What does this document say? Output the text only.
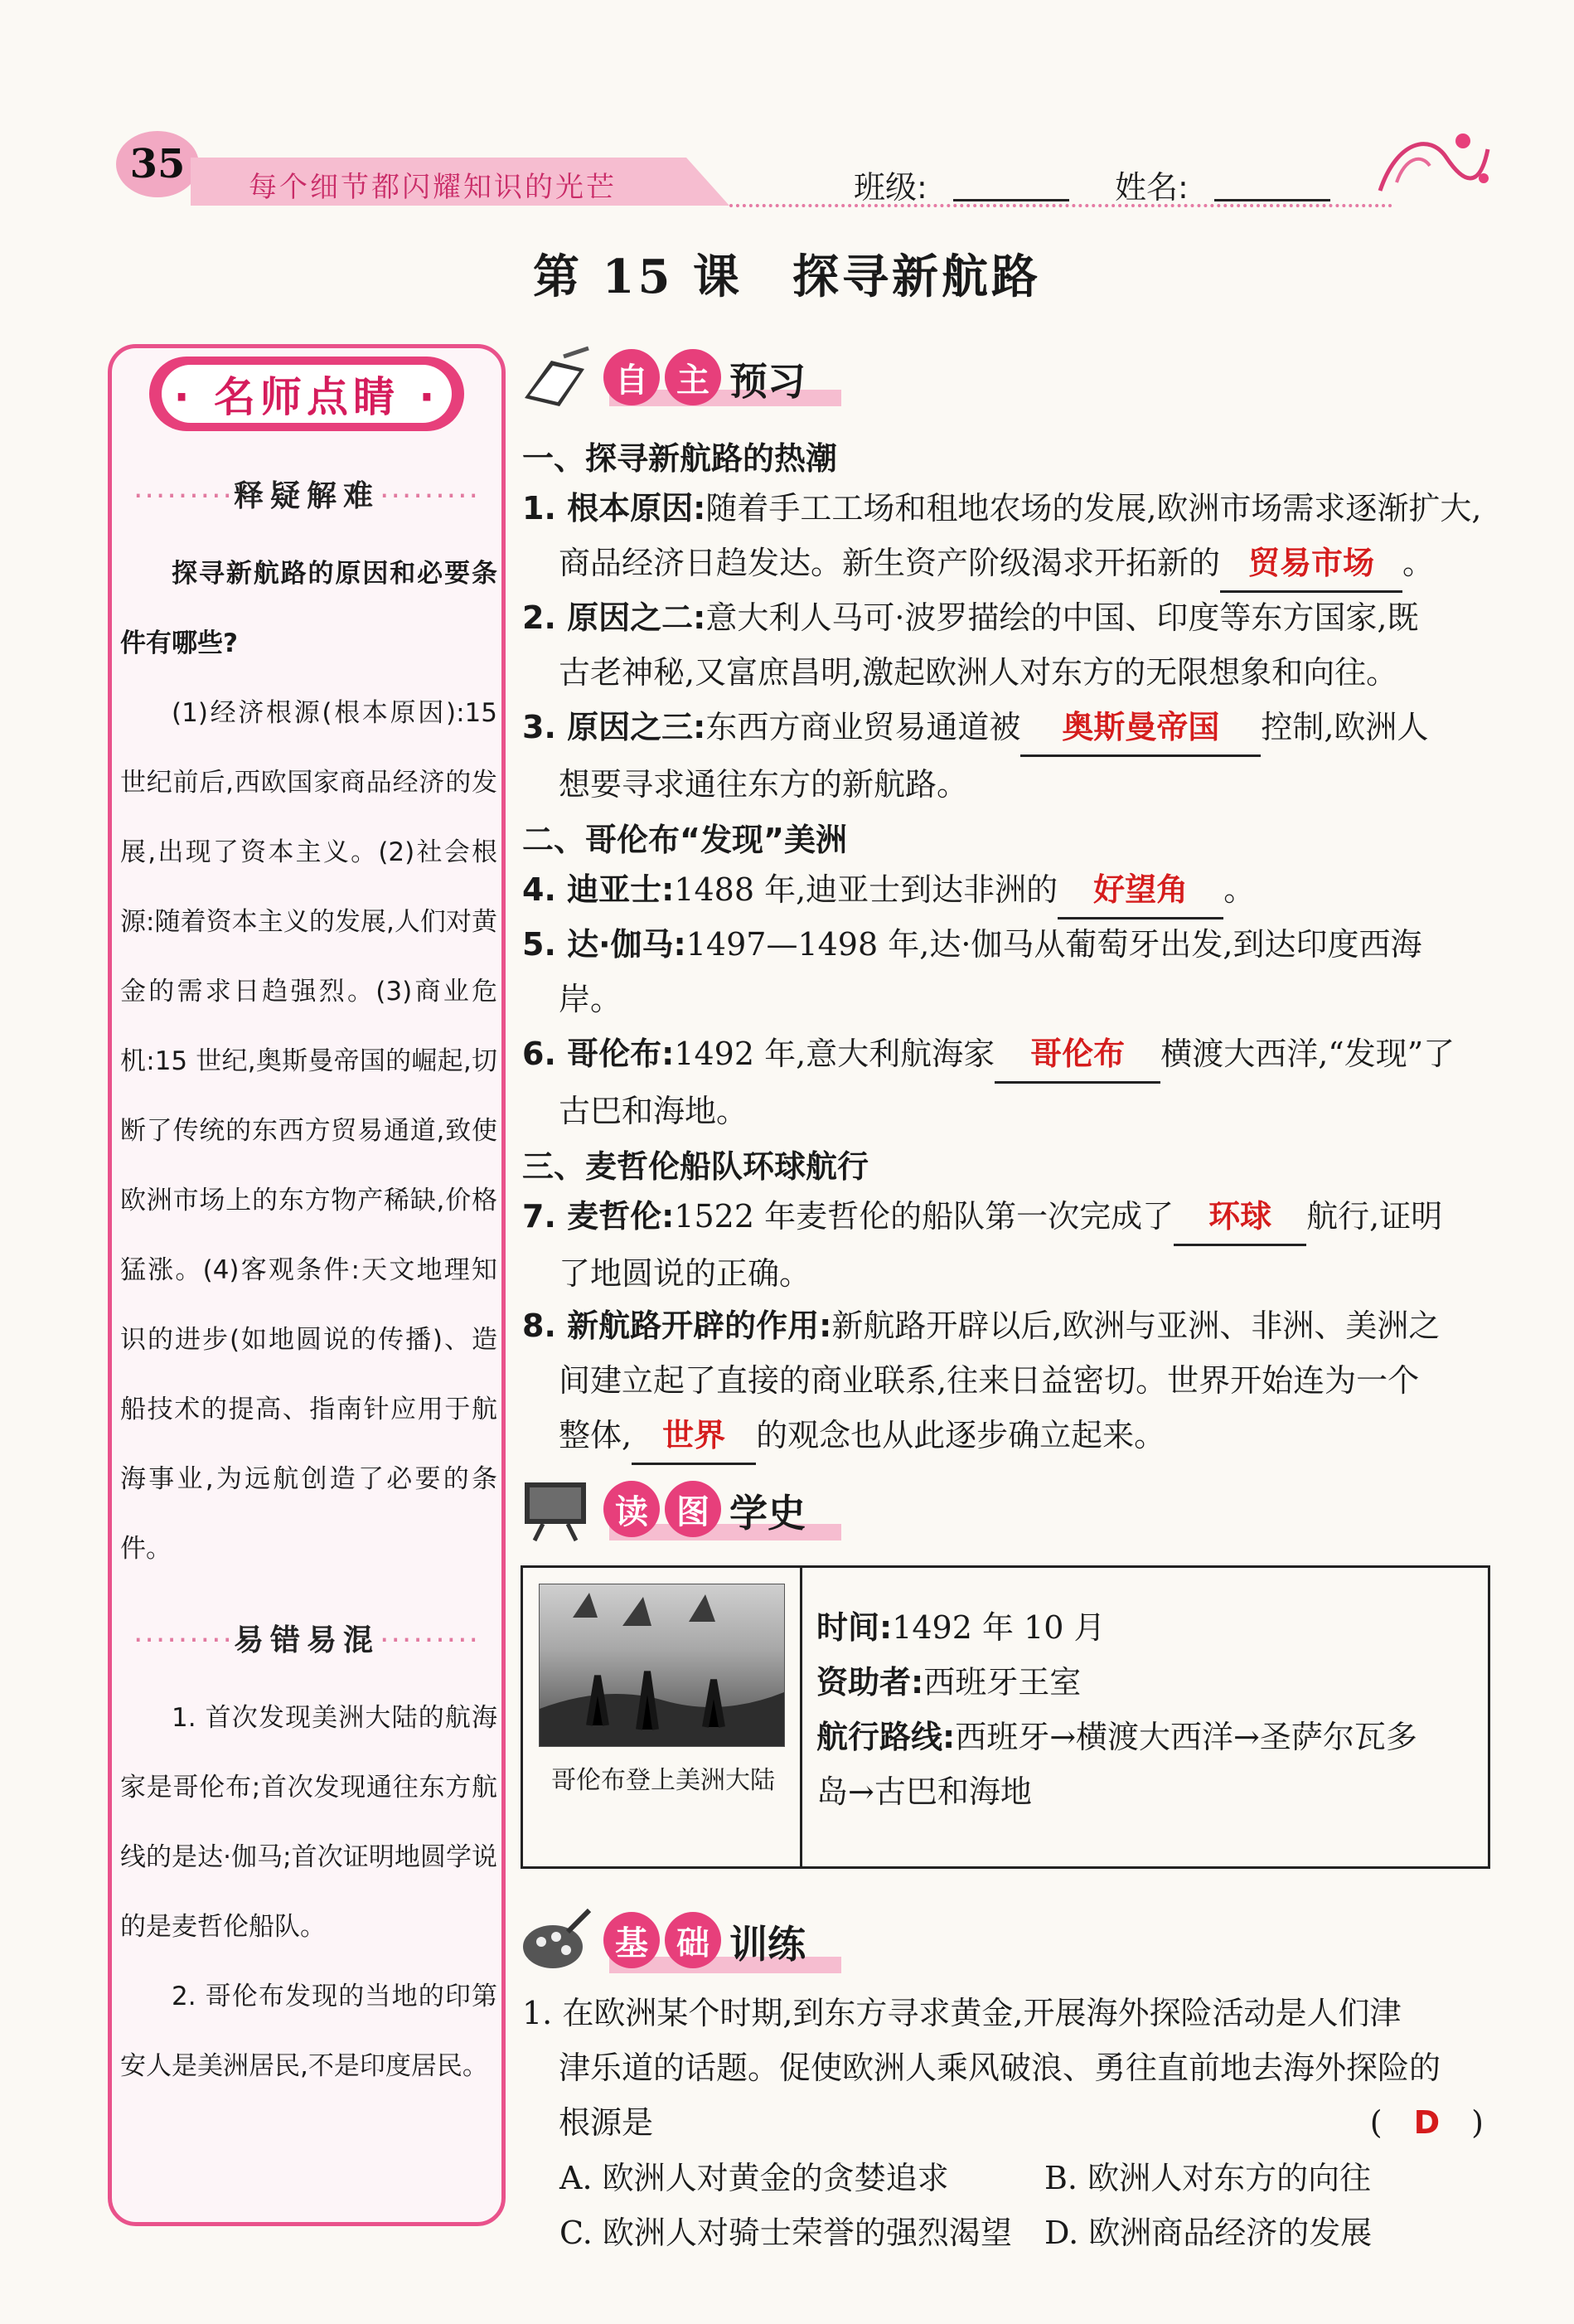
35	每个细节都闪耀知识的光芒	班级:	姓名:
第 15 课　探寻新航路
· 名师点睛 ·
·········释疑解难·········

探寻新航路的原因和必要条件有哪些?

(1)经济根源(根本原因):15 世纪前后,西欧国家商品经济的发展,出现了资本主义。(2)社会根源:随着资本主义的发展,人们对黄金的需求日趋强烈。(3)商业危机:15 世纪,奥斯曼帝国的崛起,切断了传统的东西方贸易通道,致使欧洲市场上的东方物产稀缺,价格猛涨。(4)客观条件:天文地理知识的进步(如地圆说的传播)、造船技术的提高、指南针应用于航海事业,为远航创造了必要的条件。

·········易错易混·········

1. 首次发现美洲大陆的航海家是哥伦布;首次发现通往东方航线的是达·伽马;首次证明地圆学说的是麦哲伦船队。

2. 哥伦布发现的当地的印第安人是美洲居民,不是印度居民。

自 主 预习
一、探寻新航路的热潮
1. 根本原因:随着手工工场和租地农场的发展,欧洲市场需求逐渐扩大,
商品经济日趋发达。新生资产阶级渴求开拓新的 贸易市场 。
2. 原因之二:意大利人马可·波罗描绘的中国、印度等东方国家,既
古老神秘,又富庶昌明,激起欧洲人对东方的无限想象和向往。
3. 原因之三:东西方商业贸易通道被 奥斯曼帝国 控制,欧洲人
想要寻求通往东方的新航路。
二、哥伦布“发现”美洲
4. 迪亚士:1488 年,迪亚士到达非洲的 好望角 。
5. 达·伽马:1497—1498 年,达·伽马从葡萄牙出发,到达印度西海
岸。
6. 哥伦布:1492 年,意大利航海家 哥伦布 横渡大西洋,“发现”了
古巴和海地。
三、麦哲伦船队环球航行
7. 麦哲伦:1522 年麦哲伦的船队第一次完成了 环球 航行,证明
了地圆说的正确。
8. 新航路开辟的作用:新航路开辟以后,欧洲与亚洲、非洲、美洲之
间建立起了直接的商业联系,往来日益密切。世界开始连为一个
整体, 世界 的观念也从此逐步确立起来。
读 图 学史
哥伦布登上美洲大陆
时间:1492 年 10 月
资助者:西班牙王室
航行路线:西班牙→横渡大西洋→圣萨尔瓦多
岛→古巴和海地
基 础 训练
1. 在欧洲某个时期,到东方寻求黄金,开展海外探险活动是人们津
津乐道的话题。促使欧洲人乘风破浪、勇往直前地去海外探险的
根源是	(　D　)
A. 欧洲人对黄金的贪婪追求	B. 欧洲人对东方的向往
C. 欧洲人对骑士荣誉的强烈渴望	D. 欧洲商品经济的发展
